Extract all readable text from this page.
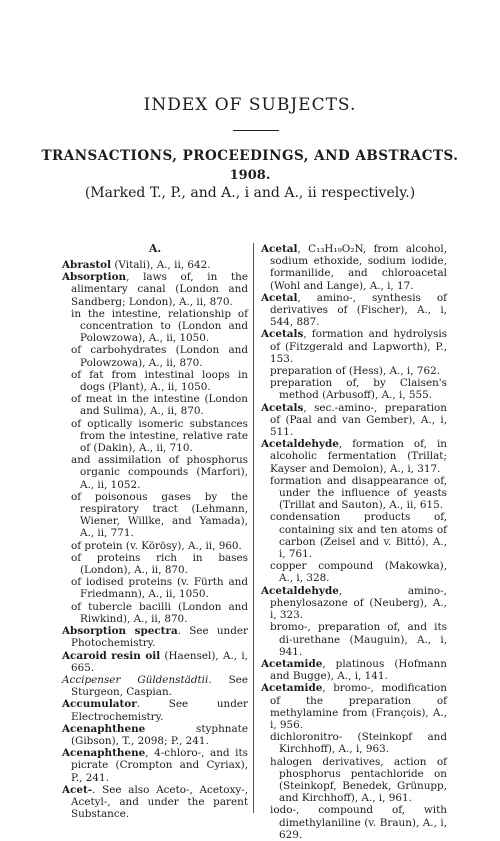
INDEX OF SUBJECTS.
TRANSACTIONS, PROCEEDINGS, AND ABSTRACTS.
1908.
(Marked T., P., and A., i and A., ii respectively.)
A.

Abrastol (Vitali), A., ii, 642.

Absorption, laws of, in the alimentary canal (London and Sandberg; London), A., ii, 870.

in the intestine, relationship of concentration to (London and Polowzowa), A., ii, 1050.

of carbohydrates (London and Polowzowa), A., ii, 870.

of fat from intestinal loops in dogs (Plant), A., ii, 1050.

of meat in the intestine (London and Sulima), A., ii, 870.

of optically isomeric substances from the intestine, relative rate of (Dakin), A., ii, 710.

and assimilation of phosphorus organic compounds (Marfori), A., ii, 1052.

of poisonous gases by the respiratory tract (Lehmann, Wiener, Willke, and Yamada), A., ii, 771.

of protein (v. Körösy), A., ii, 960.

of proteins rich in bases (London), A., ii, 870.

of iodised proteins (v. Fürth and Friedmann), A., ii, 1050.

of tubercle bacilli (London and Riwkind), A., ii, 870.

Absorption spectra. See under Photochemistry.

Acaroid resin oil (Haensel), A., i, 665.

Accipenser Güldenstädtii. See Sturgeon, Caspian.

Accumulator. See under Electrochemistry.

Acenaphthene styphnate (Gibson), T., 2098; P., 241.

Acenaphthene, 4-chloro-, and its picrate (Crompton and Cyriax), P., 241.

Acet-. See also Aceto-, Acetoxy-, Acetyl-, and under the parent Substance.

Acetal, C₁₃H₁₉O₂N, from alcohol, sodium ethoxide, sodium iodide, formanilide, and chloroacetal (Wohl and Lange), A., i, 17.

Acetal, amino-, synthesis of derivatives of (Fischer), A., i, 544, 887.

Acetals, formation and hydrolysis of (Fitzgerald and Lapworth), P., 153.

preparation of (Hess), A., i, 762.

preparation of, by Claisen's method (Arbusoff), A., i, 555.

Acetals, sec.-amino-, preparation of (Paal and van Gember), A., i, 511.

Acetaldehyde, formation of, in alcoholic fermentation (Trillat; Kayser and Demolon), A., i, 317.

formation and disappearance of, under the influence of yeasts (Trillat and Sauton), A., ii, 615.

condensation products of, containing six and ten atoms of carbon (Zeisel and v. Bittó), A., i, 761.

copper compound (Makowka), A., i, 328.

Acetaldehyde, amino-, phenylosazone of (Neuberg), A., i, 323.

bromo-, preparation of, and its di-urethane (Mauguin), A., i, 941.

Acetamide, platinous (Hofmann and Bugge), A., i, 141.

Acetamide, bromo-, modification of the preparation of methylamine from (François), A., i, 956.

dichloronitro- (Steinkopf and Kirchhoff), A., i, 963.

halogen derivatives, action of phosphorus pentachloride on (Steinkopf, Benedek, Grünupp, and Kirchhoff), A., i, 961.

iodo-, compound of, with dimethylaniline (v. Braun), A., i, 629.
